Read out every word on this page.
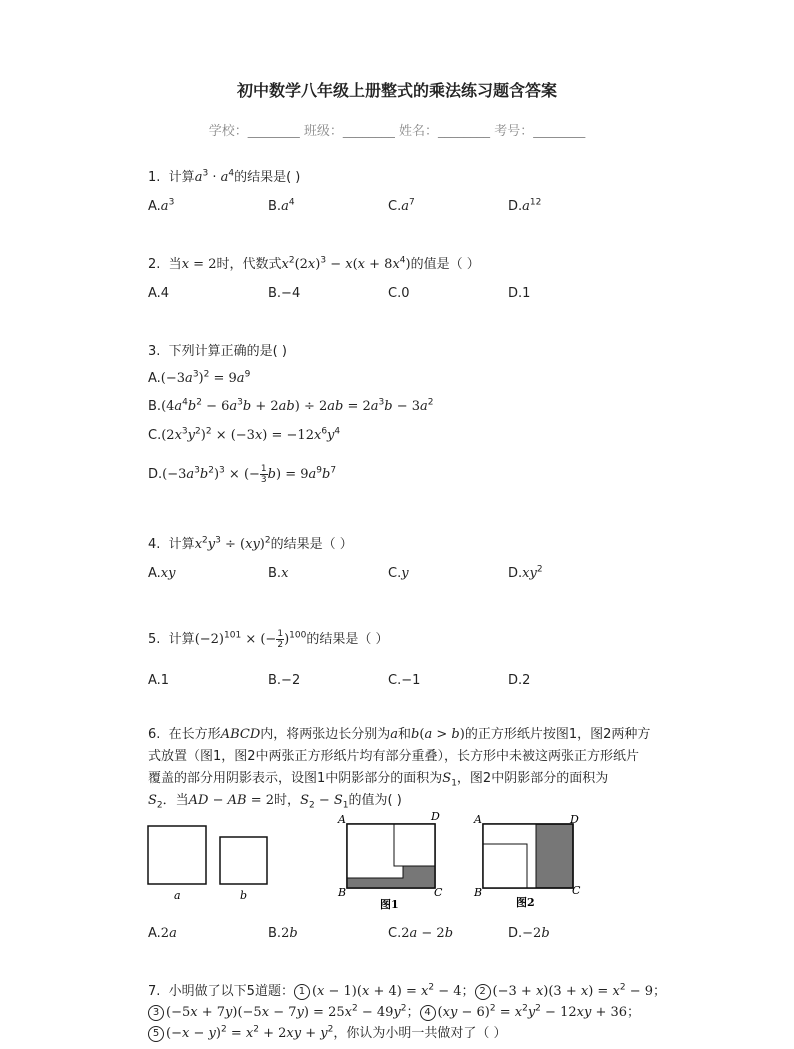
初中数学八年级上册整式的乘法练习题含答案
学校：________ 班级：________ 姓名：________ 考号：________
1. 计算$a^3 \cdot a^4$的结果是( )
$A.a^3$	$B.a^4$	$C.a^7$	$D.a^{12}$
2. 当x = 2时，代数式$x^2(2x)^3 - x(x + 8x^4)$的值是（ ）
A.4	B.−4	C.0	D.1
3. 下列计算正确的是( )
$A.(-3a^3)^2 = 9a^9$
$B.(4a^4b^2 - 6a^3b + 2ab) \div 2ab = 2a^3b - 3a^2$
$C.(2x^3y^2)^2 \times (-3x) = -12x^6y^4$
$D.(-3a^3b^2)^3$ × (− $\frac{1}{3} b) = 9a^9b^7$
4. 计算$x^2y^3 \div (xy)^2$的结果是（ ）
A.xy	B.x	C.y	$D.xy^2$
5. 计算$(-2)^{101}$ × (− $\frac{1}{2} )^{100}$的结果是（ ）
A.1	B.−2	C.−1	D.2
6. 在长方形ABCD内，将两张边长分别为a和b(a > b)的正方形纸片按图1，图2两种方
式放置（图1，图2中两张正方形纸片均有部分重叠），长方形中未被这两张正方形纸片
覆盖的部分用阴影表示，设图1中阴影部分的面积为$S_1$，图2中阴影部分的面积为
$S_2$．当AD − AB = 2时，$S_2 - S_1$的值为( )
a	b
A	D
B	C
图1
A	D
B	C
图2
A.2a	B.2b	C.2a − 2b	D.−2b
7. 小明做了以下5道题： 1 $(x - 1)(x + 4) = x^2 - 4$； 2 $(-3 + x)(3 + x) = x^2 - 9$；
3 $(-5x + 7y)(-5x - 7y) = 25x^2 - 49y^2$； 4 $(xy - 6)^2 = x^2y^2 - 12xy + 36$；
5 $(-x - y)^2 = x^2 + 2xy + y^2$，你认为小明一共做对了（ ）
